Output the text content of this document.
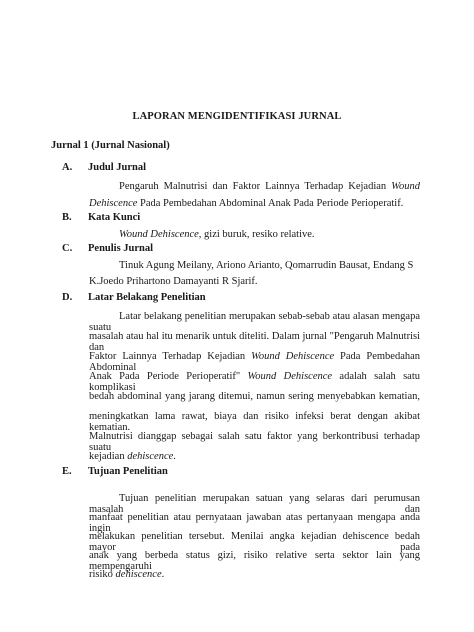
LAPORAN MENGIDENTIFIKASI JURNAL
Jurnal 1 (Jurnal Nasional)
A. Judul Jurnal
Pengaruh Malnutrisi dan Faktor Lainnya Terhadap Kejadian Wound
Dehiscence Pada Pembedahan Abdominal Anak Pada Periode Perioperatif.
B. Kata Kunci
Wound Dehiscence, gizi buruk, resiko relative.
C. Penulis Jurnal
Tinuk Agung Meilany, Ariono Arianto, Qomarrudin Bausat, Endang S
K.Joedo Prihartono Damayanti R Sjarif.
D. Latar Belakang Penelitian
Latar belakang penelitian merupakan sebab-sebab atau alasan mengapa suatu
masalah atau hal itu menarik untuk diteliti. Dalam jurnal "Pengaruh Malnutrisi dan
Faktor Lainnya Terhadap Kejadian Wound Dehiscence Pada Pembedahan Abdominal
Anak Pada Periode Perioperatif" Wound Dehiscence adalah salah satu komplikasi
bedah abdominal yang jarang ditemui, namun sering menyebabkan kematian,
meningkatkan lama rawat, biaya dan risiko infeksi berat dengan akibat kematian.
Malnutrisi dianggap sebagai salah satu faktor yang berkontribusi terhadap suatu
kejadian dehiscence.
E. Tujuan Penelitian
Tujuan penelitian merupakan satuan yang selaras dari perumusan masalah dan
manfaat penelitian atau pernyataan jawaban atas pertanyaan mengapa anda ingin
melakukan penelitian tersebut. Menilai angka kejadian dehiscence bedah mayor pada
anak yang berbeda status gizi, risiko relative serta sektor lain yang mempengaruhi
risiko dehiscence.
